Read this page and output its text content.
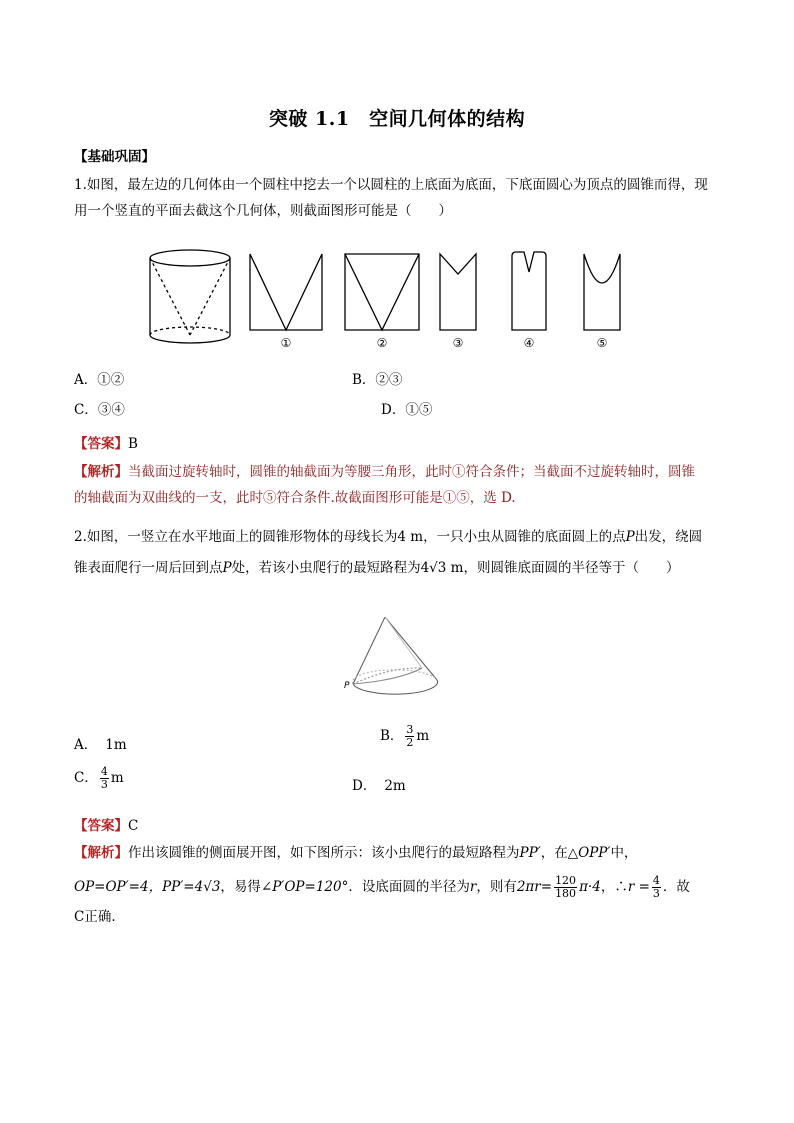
突破 1.1　空间几何体的结构
【基础巩固】
1.如图，最左边的几何体由一个圆柱中挖去一个以圆柱的上底面为底面，下底面圆心为顶点的圆锥而得，现
用一个竖直的平面去截这个几何体，则截面图形可能是（　　）
①	②	③	④	⑤
A．①②	B．②③
C．③④	D．①⑤
【答案】B
【解析】当截面过旋转轴时，圆锥的轴截面为等腰三角形，此时①符合条件；当截面不过旋转轴时，圆锥
的轴截面为双曲线的一支，此时⑤符合条件.故截面图形可能是①⑤，选 D.
2.如图，一竖立在水平地面上的圆锥形物体的母线长为4 m，一只小虫从圆锥的底面圆上的点P出发，绕圆
锥表面爬行一周后回到点P处，若该小虫爬行的最短路程为4√3 m，则圆锥底面圆的半径等于（　　）
P
A． 1m
B． $\frac{3}{2}$ m
C． $\frac{4}{3}$ m	D． 2m
【答案】C
【解析】作出该圆锥的侧面展开图，如下图所示：该小虫爬行的最短路程为PP′，在△OPP′中，
OP=OP′=4，PP′=4√3，易得∠P′OP=120°．设底面圆的半径为r，则有$2\pi r= \frac{120}{180} \pi\cdot 4$，∴r = $\frac{4}{3}$ ．故
C正确.
